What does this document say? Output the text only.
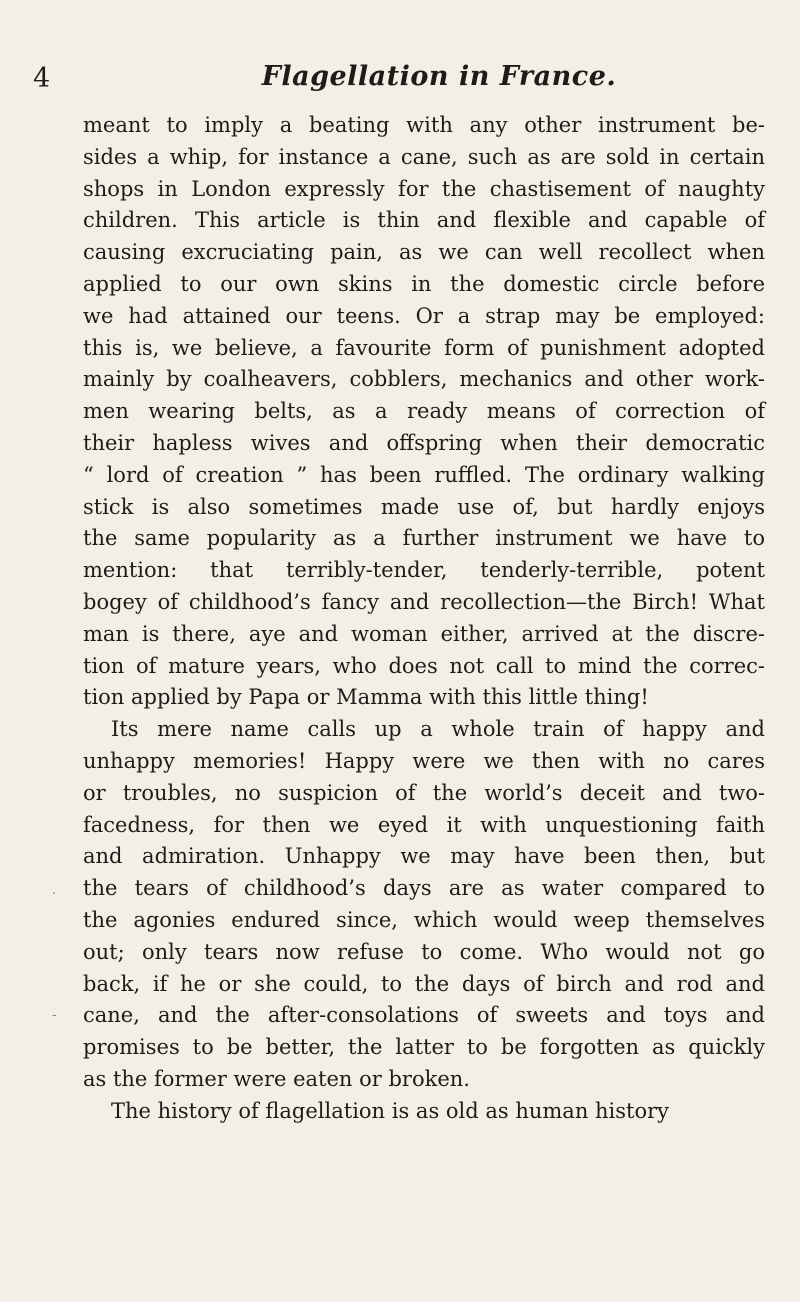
4	Flagellation in France.

meant to imply a beating with any other instrument be-

sides a whip, for instance a cane, such as are sold in certain

shops in London expressly for the chastisement of naughty

children. This article is thin and flexible and capable of

causing excruciating pain, as we can well recollect when

applied to our own skins in the domestic circle before

we had attained our teens. Or a strap may be employed:

this is, we believe, a favourite form of punishment adopted

mainly by coalheavers, cobblers, mechanics and other work-

men wearing belts, as a ready means of correction of

their hapless wives and offspring when their democratic

“ lord of creation ” has been ruffled. The ordinary walking

stick is also sometimes made use of, but hardly enjoys

the same popularity as a further instrument we have to

mention: that terribly-tender, tenderly-terrible, potent

bogey of childhood’s fancy and recollection—the Birch! What

man is there, aye and woman either, arrived at the discre-

tion of mature years, who does not call to mind the correc-

tion applied by Papa or Mamma with this little thing!

Its mere name calls up a whole train of happy and

unhappy memories! Happy were we then with no cares

or troubles, no suspicion of the world’s deceit and two-

facedness, for then we eyed it with unquestioning faith

and admiration. Unhappy we may have been then, but

the tears of childhood’s days are as water compared to

the agonies endured since, which would weep themselves

out; only tears now refuse to come. Who would not go

back, if he or she could, to the days of birch and rod and

cane, and the after-consolations of sweets and toys and

promises to be better, the latter to be forgotten as quickly

as the former were eaten or broken.

The history of flagellation is as old as human history

.
-
